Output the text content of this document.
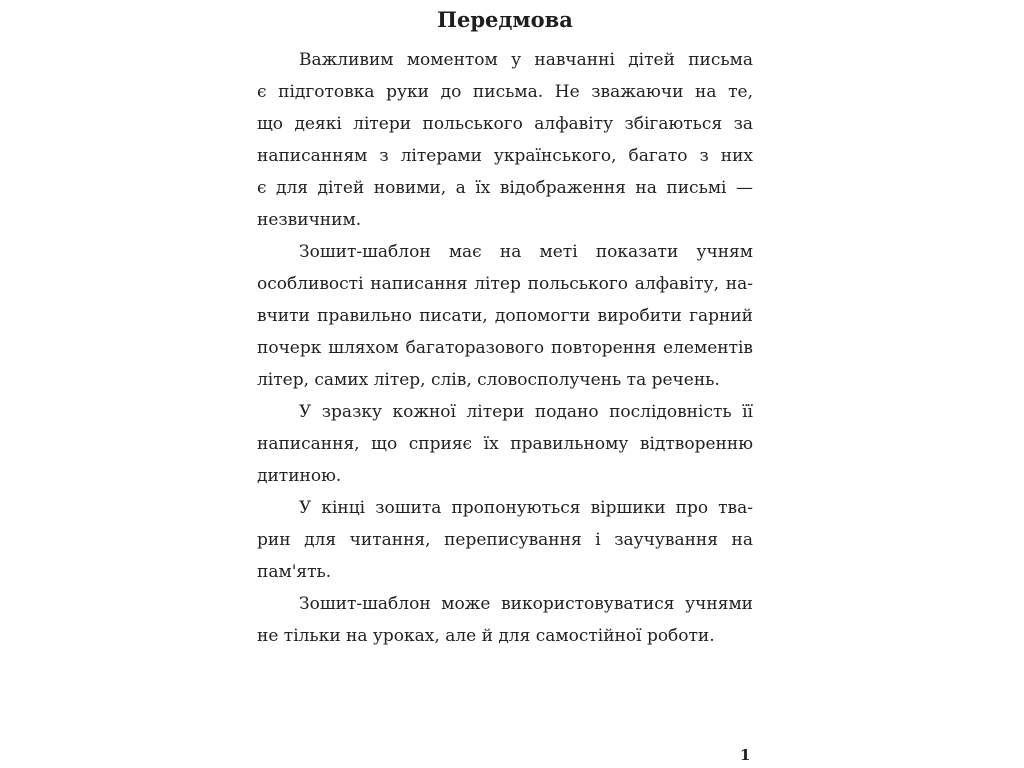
Передмова

Важливим моментом у навчанні дітей письма
є підготовка руки до письма. Не зважаючи на те,
що деякі літери польського алфавіту збігаються за
написанням з літерами українського, багато з них
є для дітей новими, а їх відображення на письмі —
незвичним.

Зошит-шаблон має на меті показати учням
особливості написання літер польського алфавіту, на-
вчити правильно писати, допомогти виробити гарний
почерк шляхом багаторазового повторення елементів
літер, самих літер, слів, словосполучень та речень.

У зразку кожної літери подано послідовність її
написання, що сприяє їх правильному відтворенню
дитиною.

У кінці зошита пропонуються віршики про тва-
рин для читання, переписування і заучування на
пам'ять.

Зошит-шаблон може використовуватися учнями
не тільки на уроках, але й для самостійної роботи.

1
